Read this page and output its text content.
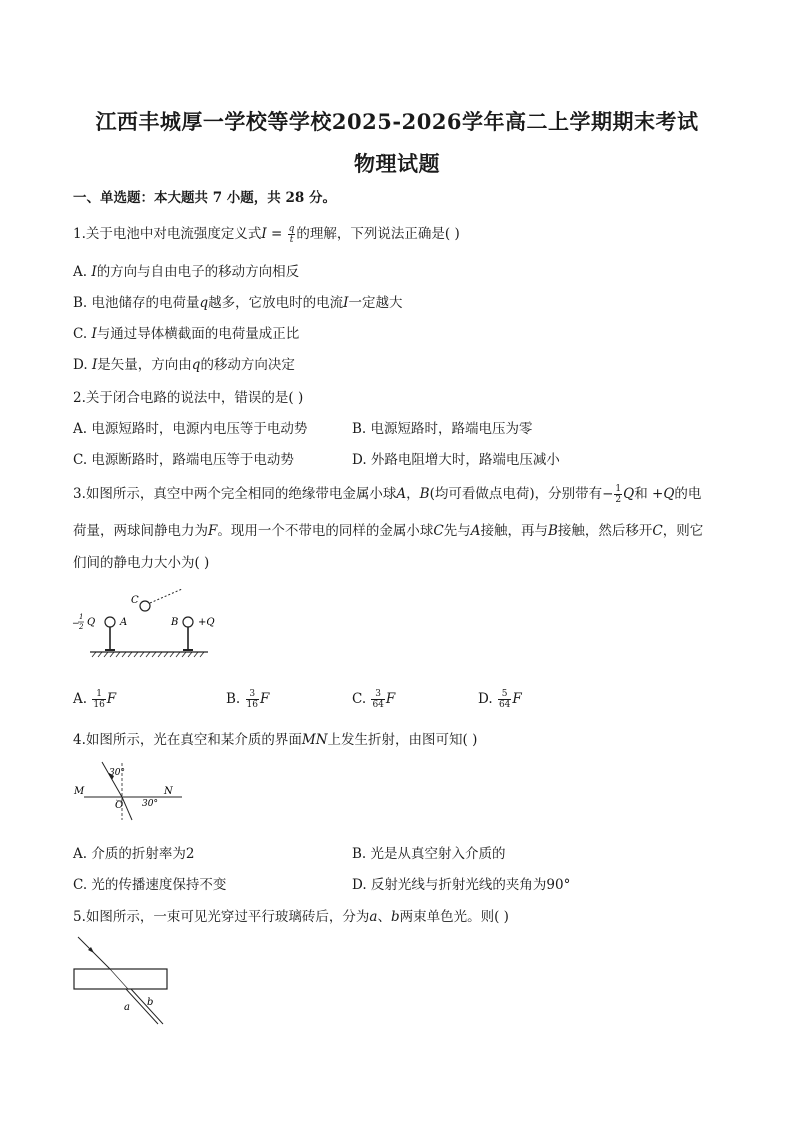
江西丰城厚一学校等学校2025-2026学年高二上学期期末考试
物理试题
一、单选题：本大题共 7 小题，共 28 分。
1.关于电池中对电流强度定义式$I = \frac{q}{t}$ 的理解，下列说法正确是( )
A. I的方向与自由电子的移动方向相反
B. 电池储存的电荷量q越多，它放电时的电流I一定越大
C. I与通过导体横截面的电荷量成正比
D. I是矢量，方向由q的移动方向决定
2.关于闭合电路的说法中，错误的是( )
A. 电源短路时，电源内电压等于电动势	B. 电源短路时，路端电压为零
C. 电源断路时，路端电压等于电动势	D. 外路电阻增大时，路端电压减小
3.如图所示，真空中两个完全相同的绝缘带电金属小球A，B(均可看做点电荷)，分别带有− $\frac{1}{2}$ Q和 +Q的电
荷量，两球间静电力为F。现用一个不带电的同样的金属小球C先与A接触，再与B接触，然后移开C，则它
们间的静电力大小为( )
C
A
−
1
2 Q	B +Q
A. $\frac{1}{16}$ F	B. $\frac{3}{16}$ F	C. $\frac{3}{64}$ F	D. $\frac{5}{64}$ F
4.如图所示，光在真空和某介质的界面MN上发生折射，由图可知( )
M	N
O
30°
30°
A. 介质的折射率为2	B. 光是从真空射入介质的
C. 光的传播速度保持不变	D. 反射光线与折射光线的夹角为90°
5.如图所示，一束可见光穿过平行玻璃砖后，分为a、b两束单色光。则( )
a b
